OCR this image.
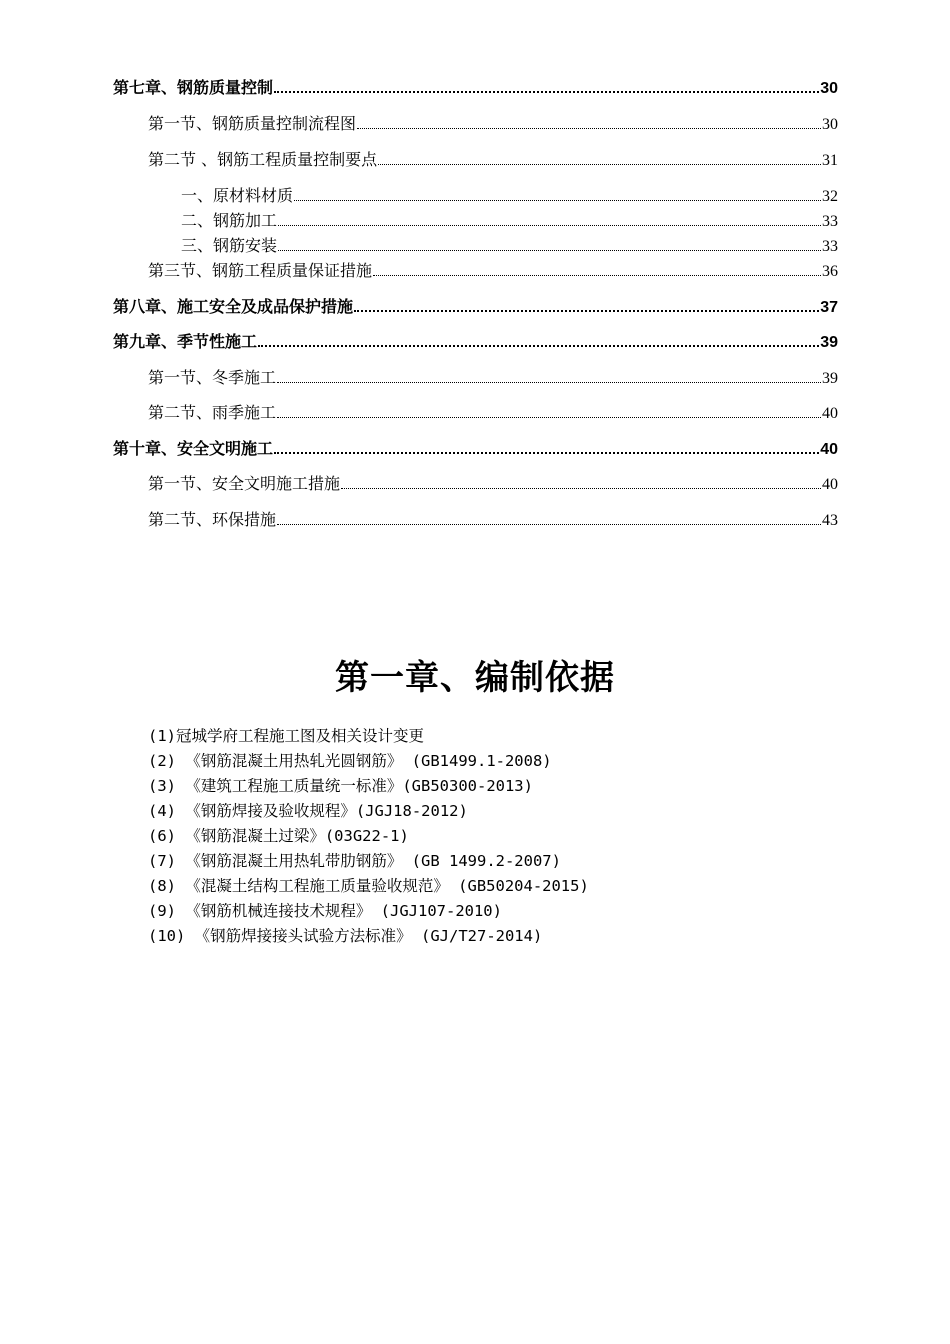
第七章、钢筋质量控制	30
第一节、钢筋质量控制流程图	30
第二节 、钢筋工程质量控制要点	31
一、原材料材质	32
二、钢筋加工	33
三、钢筋安装	33
第三节、钢筋工程质量保证措施	36
第八章、施工安全及成品保护措施	37
第九章、季节性施工	39
第一节、冬季施工	39
第二节、雨季施工	40
第十章、安全文明施工	40
第一节、安全文明施工措施	40
第二节、环保措施	43
第一章、编制依据
(1)冠城学府工程施工图及相关设计变更
(2) 《钢筋混凝土用热轧光圆钢筋》 (GB1499.1-2008)
(3) 《建筑工程施工质量统一标准》(GB50300-2013)
(4) 《钢筋焊接及验收规程》(JGJ18-2012)
(6) 《钢筋混凝土过梁》(03G22-1)
(7) 《钢筋混凝土用热轧带肋钢筋》 (GB 1499.2-2007)
(8) 《混凝土结构工程施工质量验收规范》 (GB50204-2015)
(9) 《钢筋机械连接技术规程》 (JGJ107-2010)
(10) 《钢筋焊接接头试验方法标准》 (GJ/T27-2014)
